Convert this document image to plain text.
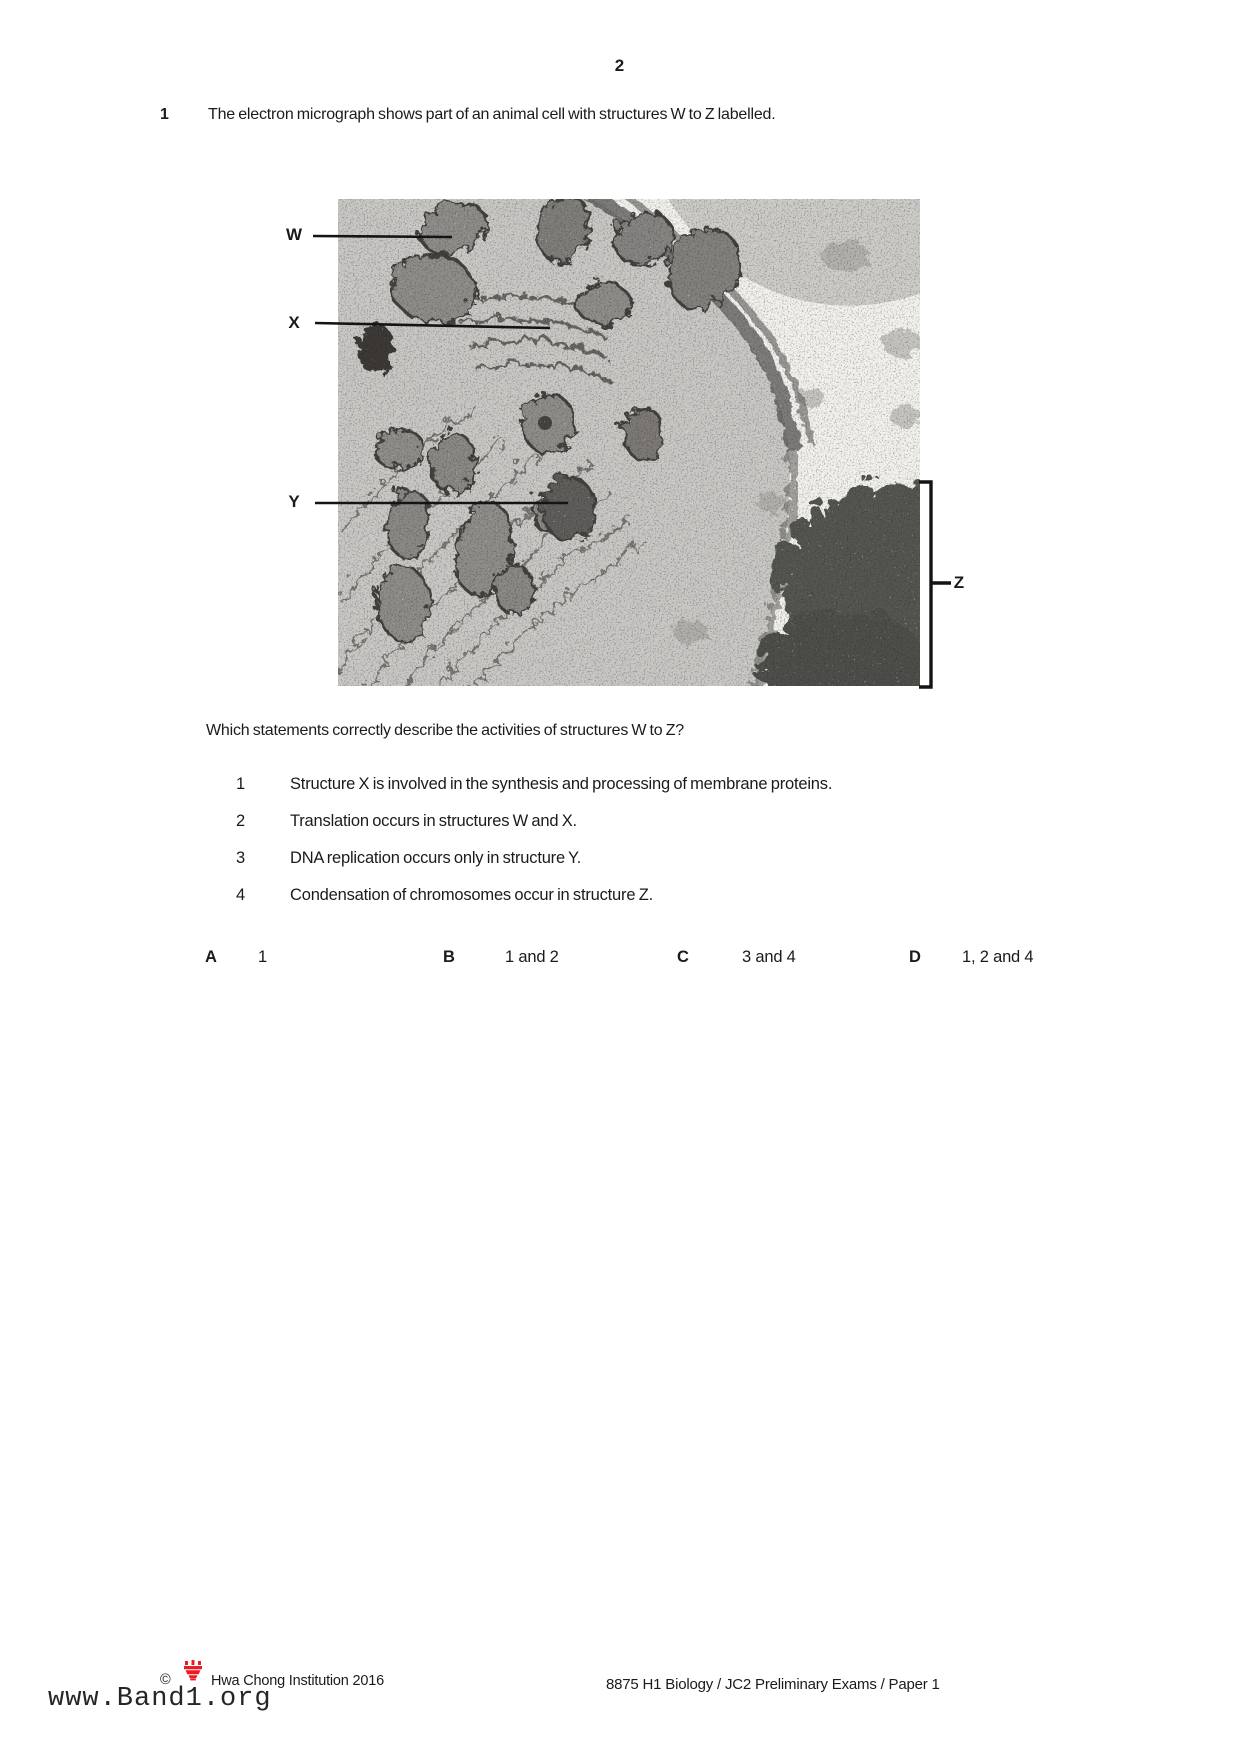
2
1 The electron micrograph shows part of an animal cell with structures W to Z labelled.
W
X
Y
Z
Which statements correctly describe the activities of structures W to Z?
1	Structure X is involved in the synthesis and processing of membrane proteins.
2	Translation occurs in structures W and X.
3	DNA replication occurs only in structure Y.
4	Condensation of chromosomes occur in structure Z.
A 1	B	1 and 2	C	3 and 4	D 1, 2 and 4
©	Hwa Chong Institution 2016	8875 H1 Biology / JC2 Preliminary Exams / Paper 1
www.Band1.org
